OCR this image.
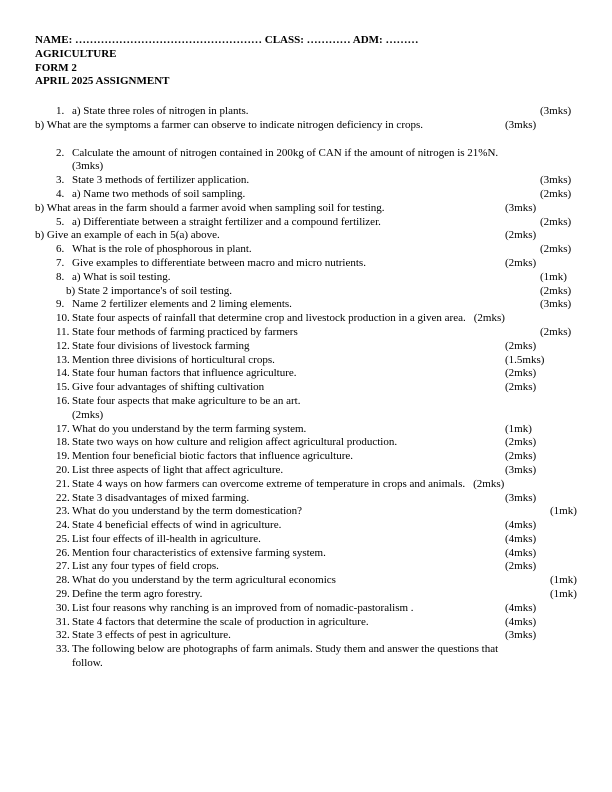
NAME: …………………………………………… CLASS: ………… ADM: ………
AGRICULTURE
FORM 2
APRIL 2025 ASSIGNMENT
1. a) State three roles of nitrogen in plants.	(3mks)
b) What are the symptoms a farmer can observe to indicate nitrogen deficiency in crops.	(3mks)
2. Calculate the amount of nitrogen contained in 200kg of CAN if the amount of nitrogen is 21%N.
(3mks)
3. State 3 methods of fertilizer application.	(3mks)
4. a) Name two methods of soil sampling.	(2mks)
b) What areas in the farm should a farmer avoid when sampling soil for testing.	(3mks)
5. a) Differentiate between a straight fertilizer and a compound fertilizer.	(2mks)
b) Give an example of each in 5(a) above.	(2mks)
6. What is the role of phosphorous in plant.	(2mks)
7. Give examples to differentiate between macro and micro nutrients.	(2mks)
8. a) What is soil testing.	(1mk)
b) State 2 importance's of soil testing.	(2mks)
9. Name 2 fertilizer elements and 2 liming elements.	(3mks)
10. State four aspects of rainfall that determine crop and livestock production in a given area. (2mks)
11. State four methods of farming practiced by farmers	(2mks)
12. State four divisions of livestock farming	(2mks)
13. Mention three divisions of horticultural crops.	(1.5mks)
14. State four human factors that influence agriculture.	(2mks)
15. Give four advantages of shifting cultivation	(2mks)
16. State four aspects that make agriculture to be an art.
(2mks)
17. What do you understand by the term farming system.	(1mk)
18. State two ways on how culture and religion affect agricultural production.	(2mks)
19. Mention four beneficial biotic factors that influence agriculture.	(2mks)
20. List three aspects of light that affect agriculture.	(3mks)
21. State 4 ways on how farmers can overcome extreme of temperature in crops and animals. (2mks)
22. State 3 disadvantages of mixed farming.	(3mks)
23. What do you understand by the term domestication?	(1mk)
24. State 4 beneficial effects of wind in agriculture.	(4mks)
25. List four effects of ill-health in agriculture.	(4mks)
26. Mention four characteristics of extensive farming system.	(4mks)
27. List any four types of field crops.	(2mks)
28. What do you understand by the term agricultural economics	(1mk)
29. Define the term agro forestry.	(1mk)
30. List four reasons why ranching is an improved from of nomadic-pastoralism .	(4mks)
31. State 4 factors that determine the scale of production in agriculture.	(4mks)
32. State 3 effects of pest in agriculture.	(3mks)
33. The following below are photographs of farm animals. Study them and answer the questions that
follow.
